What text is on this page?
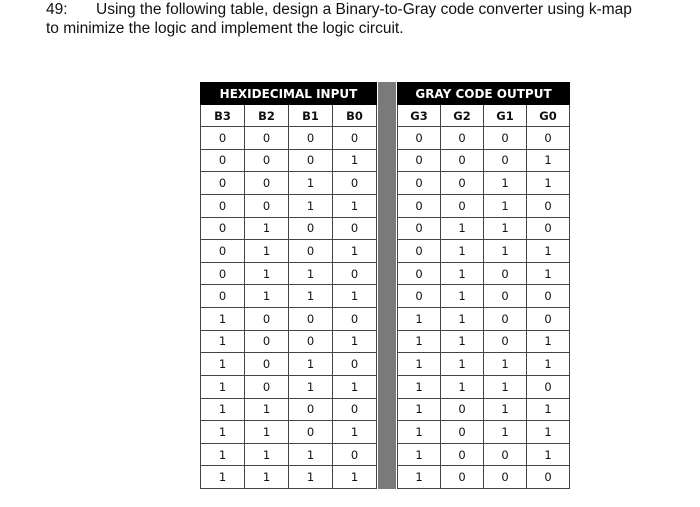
49: Using the following table, design a Binary-to-Gray code converter using k-map
to minimize the logic and implement the logic circuit.
HEXIDECIMAL INPUT			
B3	B2	B1	B0
0	0	0	0
0	0	0	1
0	0	1	0
0	0	1	1
0	1	0	0
0	1	0	1
0	1	1	0
0	1	1	1
1	0	0	0
1	0	0	1
1	0	1	0
1	0	1	1
1	1	0	0
1	1	0	1
1	1	1	0
1	1	1	1
GRAY CODE OUTPUT			
G3	G2	G1	G0
0	0	0	0
0	0	0	1
0	0	1	1
0	0	1	0
0	1	1	0
0	1	1	1
0	1	0	1
0	1	0	0
1	1	0	0
1	1	0	1
1	1	1	1
1	1	1	0
1	0	1	1
1	0	1	1
1	0	0	1
1	0	0	0
